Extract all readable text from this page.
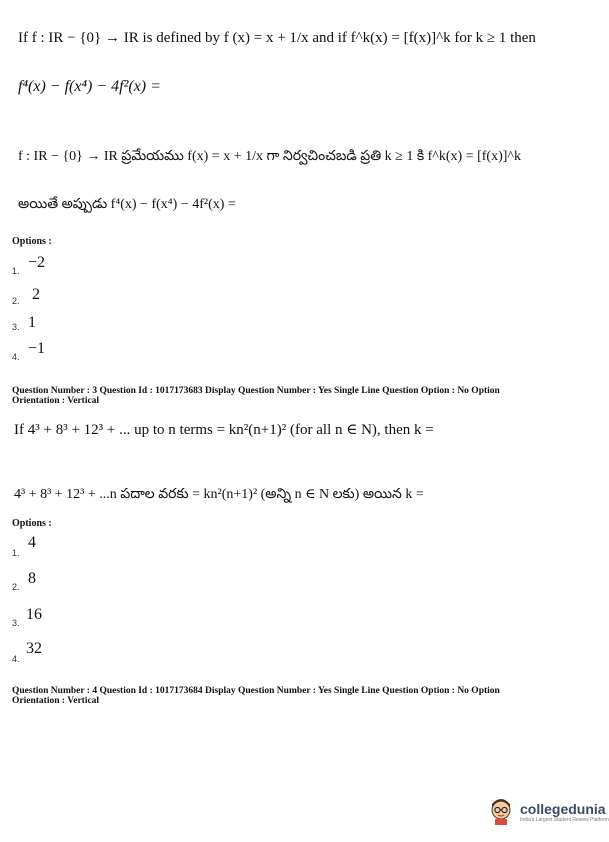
If f : IR − {0} → IR is defined by f (x) = x + 1/x and if f^k(x) = [f(x)]^k for k ≥ 1 then
f⁴(x) − f(x⁴) − 4f²(x) =
f : IR − {0} → IR ప్రమేయము f(x) = x + 1/x గా నిర్వచించబడి ప్రతి k ≥ 1 కి f^k(x) = [f(x)]^k
అయితే అప్పుడు f⁴(x) − f(x⁴) − 4f²(x) =
Options :
1. −2
2. 2
3. 1
4. −1
Question Number : 3 Question Id : 1017173683 Display Question Number : Yes Single Line Question Option : No Option
Orientation : Vertical
If 4³ + 8³ + 12³ + ... up to n terms = kn²(n+1)² (for all n ∈ N), then k =
4³ + 8³ + 12³ + ...n పదాల వరకు = kn²(n+1)² (అన్ని n ∈ N లకు) అయిన k =
Options :
1.
4
2. 8
3. 16
4.
32
Question Number : 4 Question Id : 1017173684 Display Question Number : Yes Single Line Question Option : No Option
Orientation : Vertical
collegedunia
India's Largest Student Review Platform
